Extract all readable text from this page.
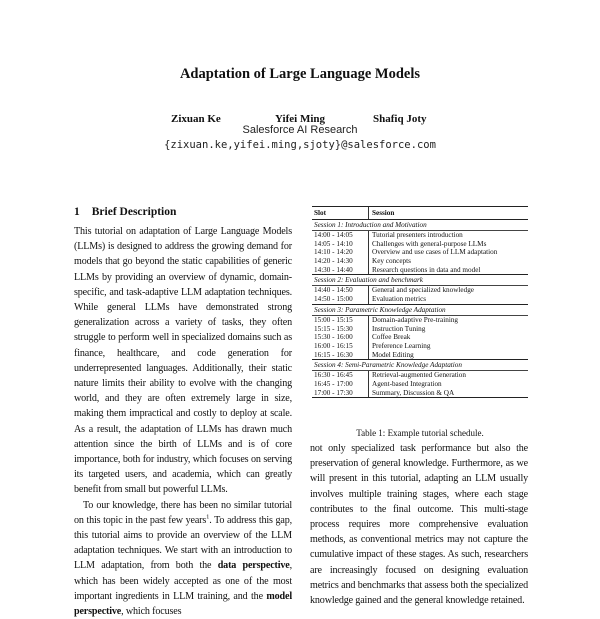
Adaptation of Large Language Models
Zixuan Ke	Yifei Ming	Shafiq Joty
Salesforce AI Research
{zixuan.ke,yifei.ming,sjoty}@salesforce.com
1 Brief Description

This tutorial on adaptation of Large Language Models (LLMs) is designed to address the growing demand for models that go beyond the static capabilities of generic LLMs by providing an overview of dynamic, domain-specific, and task-adaptive LLM adaptation techniques. While general LLMs have demonstrated strong generalization across a variety of tasks, they often struggle to perform well in specialized domains such as finance, healthcare, and code generation for underrepresented languages. Additionally, their static nature limits their ability to evolve with the changing world, and they are often extremely large in size, making them impractical and costly to deploy at scale. As a result, the adaptation of LLMs has drawn much attention since the birth of LLMs and is of core importance, both for industry, which focuses on serving its targeted users, and academia, which can greatly benefit from small but powerful LLMs.

To our knowledge, there has been no similar tutorial on this topic in the past few years$^1$. To address this gap, this tutorial aims to provide an overview of the LLM adaptation techniques. We start with an introduction to LLM adaptation, from both the data perspective, which has been widely accepted as one of the most important ingredients in LLM training, and the model perspective, which focuses

Slot	Session
Session 1: Introduction and Motivation
14:00 - 14:05	Tutorial presenters introduction
14:05 - 14:10	Challenges with general-purpose LLMs
14:10 - 14:20	Overview and use cases of LLM adaptation
14:20 - 14:30	Key concepts
14:30 - 14:40	Research questions in data and model
Session 2: Evaluation and benchmark
14:40 - 14:50	General and specialized knowledge
14:50 - 15:00	Evaluation metrics
Session 3: Parametric Knowledge Adaptation
15:00 - 15:15	Domain-adaptive Pre-training
15:15 - 15:30	Instruction Tuning
15:30 - 16:00	Coffee Break
16:00 - 16:15	Preference Learning
16:15 - 16:30	Model Editing
Session 4: Semi-Parametric Knowledge Adaptation
16:30 - 16:45	Retrieval-augmented Generation
16:45 - 17:00	Agent-based Integration
17:00 - 17:30	Summary, Discussion & QA
Table 1: Example tutorial schedule.

not only specialized task performance but also the preservation of general knowledge. Furthermore, as we will present in this tutorial, adapting an LLM usually involves multiple training stages, where each stage contributes to the final outcome. This multi-stage process requires more comprehensive evaluation methods, as conventional metrics may not capture the cumulative impact of these stages. As such, researchers are increasingly focused on designing evaluation metrics and benchmarks that assess both the specialized knowledge gained and the general knowledge retained.
